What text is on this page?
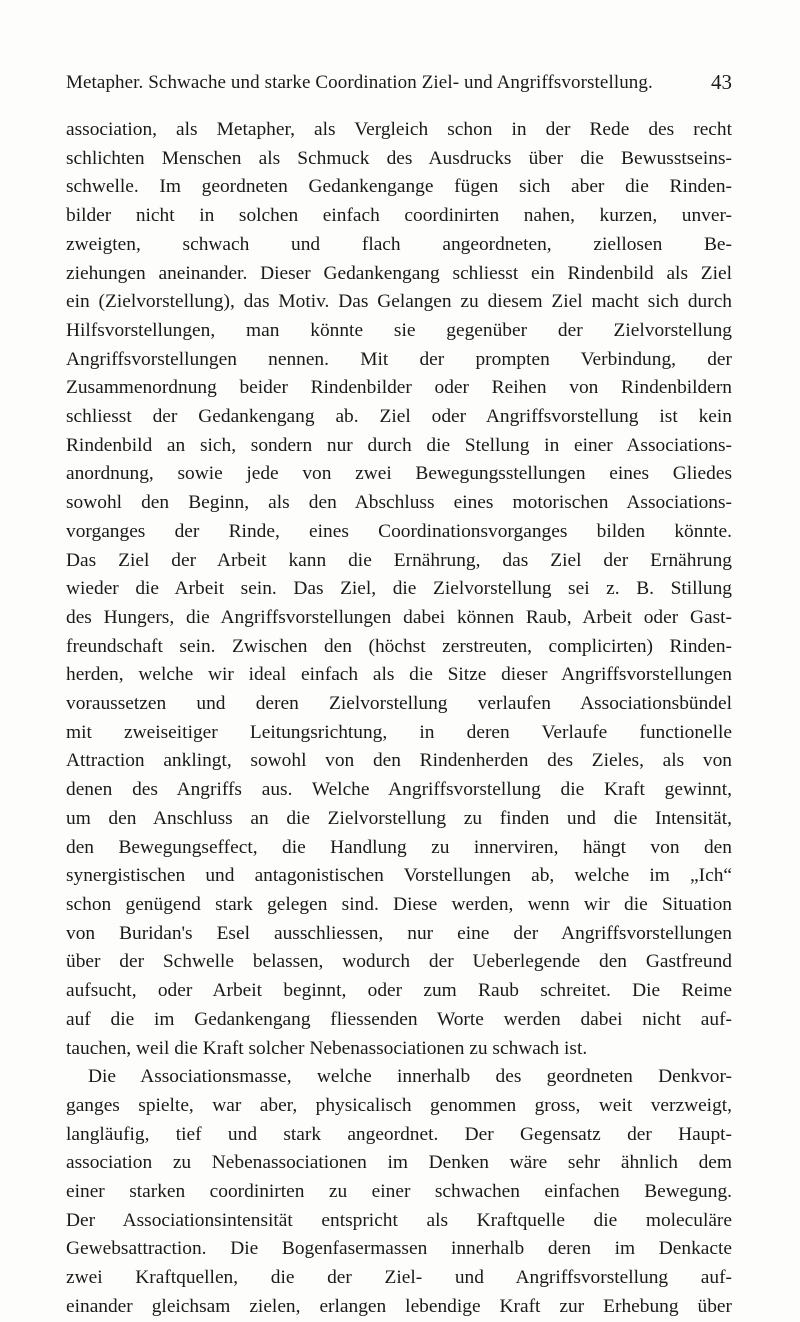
Metapher. Schwache und starke Coordination Ziel- und Angriffsvorstellung.	43
association, als Metapher, als Vergleich schon in der Rede des recht
schlichten Menschen als Schmuck des Ausdrucks über die Bewusstseins-
schwelle. Im geordneten Gedankengange fügen sich aber die Rinden-
bilder nicht in solchen einfach coordinirten nahen, kurzen, unver-
zweigten, schwach und flach angeordneten, ziellosen Be-
ziehungen aneinander. Dieser Gedankengang schliesst ein Rindenbild als Ziel
ein (Zielvorstellung), das Motiv. Das Gelangen zu diesem Ziel macht sich durch
Hilfsvorstellungen, man könnte sie gegenüber der Zielvorstellung
Angriffsvorstellungen nennen. Mit der prompten Verbindung, der
Zusammenordnung beider Rindenbilder oder Reihen von Rindenbildern
schliesst der Gedankengang ab. Ziel oder Angriffsvorstellung ist kein
Rindenbild an sich, sondern nur durch die Stellung in einer Associations-
anordnung, sowie jede von zwei Bewegungsstellungen eines Gliedes
sowohl den Beginn, als den Abschluss eines motorischen Associations-
vorganges der Rinde, eines Coordinationsvorganges bilden könnte.
Das Ziel der Arbeit kann die Ernährung, das Ziel der Ernährung
wieder die Arbeit sein. Das Ziel, die Zielvorstellung sei z. B. Stillung
des Hungers, die Angriffsvorstellungen dabei können Raub, Arbeit oder Gast-
freundschaft sein. Zwischen den (höchst zerstreuten, complicirten) Rinden-
herden, welche wir ideal einfach als die Sitze dieser Angriffsvorstellungen
voraussetzen und deren Zielvorstellung verlaufen Associationsbündel
mit zweiseitiger Leitungsrichtung, in deren Verlaufe functionelle
Attraction anklingt, sowohl von den Rindenherden des Zieles, als von
denen des Angriffs aus. Welche Angriffsvorstellung die Kraft gewinnt,
um den Anschluss an die Zielvorstellung zu finden und die Intensität,
den Bewegungseffect, die Handlung zu innerviren, hängt von den
synergistischen und antagonistischen Vorstellungen ab, welche im „Ich“
schon genügend stark gelegen sind. Diese werden, wenn wir die Situation
von Buridan's Esel ausschliessen, nur eine der Angriffsvorstellungen
über der Schwelle belassen, wodurch der Ueberlegende den Gastfreund
aufsucht, oder Arbeit beginnt, oder zum Raub schreitet. Die Reime
auf die im Gedankengang fliessenden Worte werden dabei nicht auf-
tauchen, weil die Kraft solcher Nebenassociationen zu schwach ist.
Die Associationsmasse, welche innerhalb des geordneten Denkvor-
ganges spielte, war aber, physicalisch genommen gross, weit verzweigt,
langläufig, tief und stark angeordnet. Der Gegensatz der Haupt-
association zu Nebenassociationen im Denken wäre sehr ähnlich dem
einer starken coordinirten zu einer schwachen einfachen Bewegung.
Der Associationsintensität entspricht als Kraftquelle die moleculäre
Gewebsattraction. Die Bogenfasermassen innerhalb deren im Denkacte
zwei Kraftquellen, die der Ziel- und Angriffsvorstellung auf-
einander gleichsam zielen, erlangen lebendige Kraft zur Erhebung über
